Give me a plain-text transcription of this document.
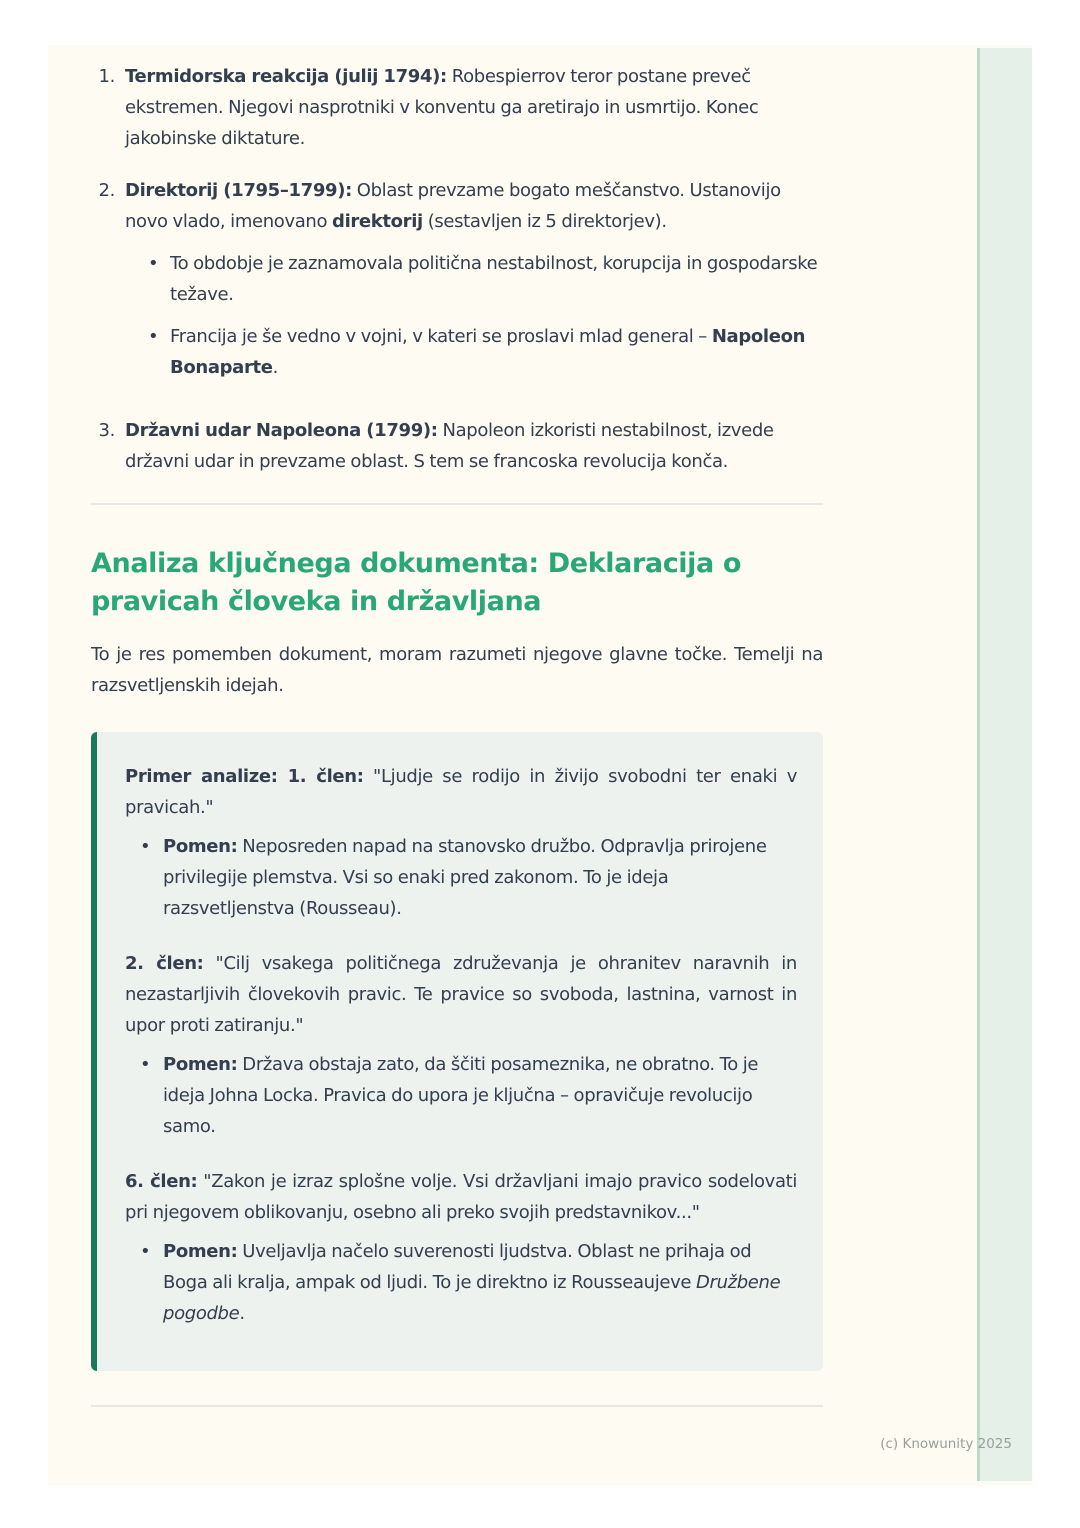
1. Termidorska reakcija (julij 1794): Robespierrov teror postane preveč ekstremen. Njegovi nasprotniki v konventu ga aretirajo in usmrtijo. Konec jakobinske diktature.

2. Direktorij (1795–1799): Oblast prevzame bogato meščanstvo. Ustanovijo novo vlado, imenovano direktorij (sestavljen iz 5 direktorjev).

• To obdobje je zaznamovala politična nestabilnost, korupcija in gospodarske težave.
• Francija je še vedno v vojni, v kateri se proslavi mlad general – Napoleon Bonaparte.
3. Državni udar Napoleona (1799): Napoleon izkoristi nestabilnost, izvede državni udar in prevzame oblast. S tem se francoska revolucija konča.

Analiza ključnega dokumenta: Deklaracija o pravicah človeka in državljana

To je res pomemben dokument, moram razumeti njegove glavne točke. Temelji na razsvetljenskih idejah.

Primer analize: 1. člen: "Ljudje se rodijo in živijo svobodni ter enaki v pravicah."

• Pomen: Neposreden napad na stanovsko družbo. Odpravlja prirojene privilegije plemstva. Vsi so enaki pred zakonom. To je ideja razsvetljenstva (Rousseau).

2. člen: "Cilj vsakega političnega združevanja je ohranitev naravnih in nezastarljivih človekovih pravic. Te pravice so svoboda, lastnina, varnost in upor proti zatiranju."

• Pomen: Država obstaja zato, da ščiti posameznika, ne obratno. To je ideja Johna Locka. Pravica do upora je ključna – opravičuje revolucijo samo.

6. člen: "Zakon je izraz splošne volje. Vsi državljani imajo pravico sodelovati pri njegovem oblikovanju, osebno ali preko svojih predstavnikov..."

• Pomen: Uveljavlja načelo suverenosti ljudstva. Oblast ne prihaja od Boga ali kralja, ampak od ljudi. To je direktno iz Rousseaujeve Družbene pogodbe.
(c) Knowunity 2025
